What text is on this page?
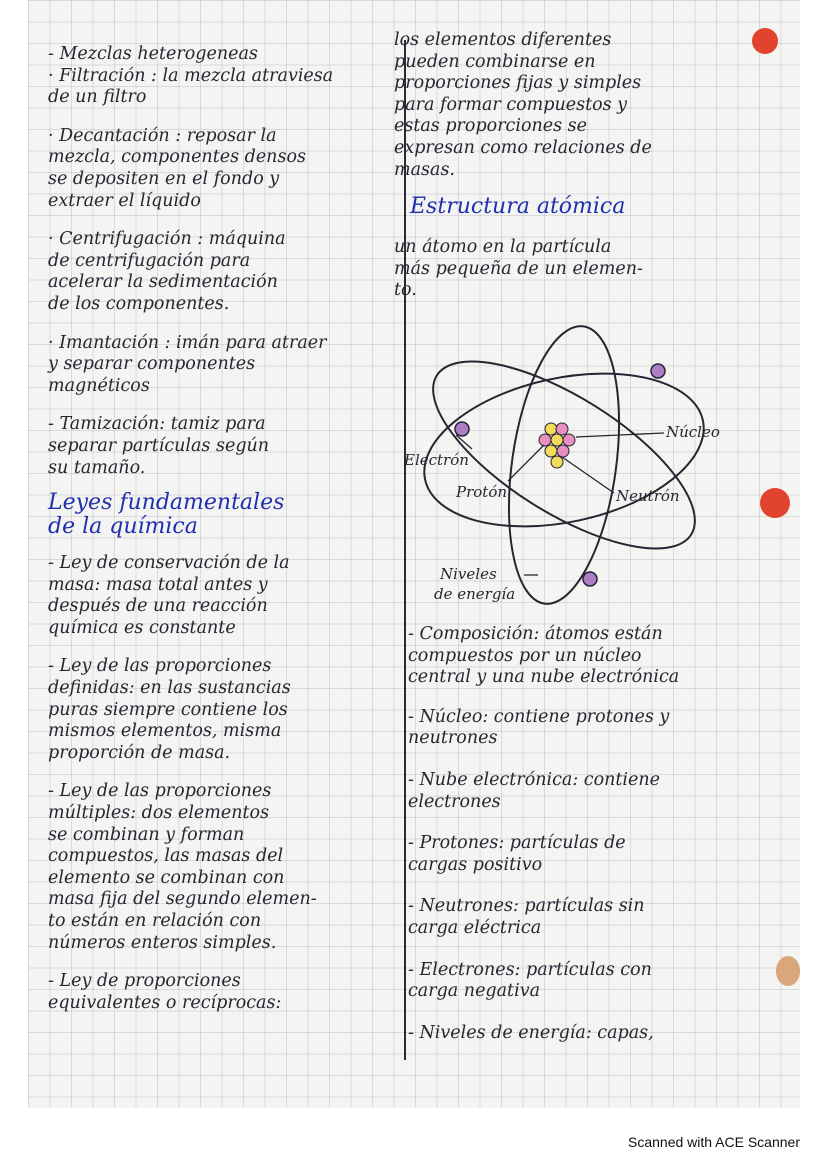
- Mezclas heterogeneas

· Filtración : la mezcla atraviesa

de un filtro

· Decantación : reposar la

mezcla, componentes densos

se depositen en el fondo y

extraer el líquido

· Centrifugación : máquina

de centrifugación para

acelerar la sedimentación

de los componentes.

· Imantación : imán para atraer

y separar componentes

magnéticos

- Tamización: tamiz para

separar partículas según

su tamaño.

Leyes fundamentales

de la química

- Ley de conservación de la

masa: masa total antes y

después de una reacción

química es constante

- Ley de las proporciones

definidas: en las sustancias

puras siempre contiene los

mismos elementos, misma

proporción de masa.

- Ley de las proporciones

múltiples: dos elementos

se combinan y forman

compuestos, las masas del

elemento se combinan con

masa fija del segundo elemen-

to están en relación con

números enteros simples.

- Ley de proporciones

equivalentes o recíprocas:

los elementos diferentes

pueden combinarse en

proporciones fijas y simples

para formar compuestos y

estas proporciones se

expresan como relaciones de

masas.

Estructura atómica

un átomo en la partícula

más pequeña de un elemen-

to.

Núcleo
Electrón
Protón	Neutrón
Niveles
de energía

- Composición: átomos están

compuestos por un núcleo

central y una nube electrónica

- Núcleo: contiene protones y

neutrones

- Nube electrónica: contiene

electrones

- Protones: partículas de

cargas positivo

- Neutrones: partículas sin

carga eléctrica

- Electrones: partículas con

carga negativa

- Niveles de energía: capas,

Scanned with ACE Scanner
